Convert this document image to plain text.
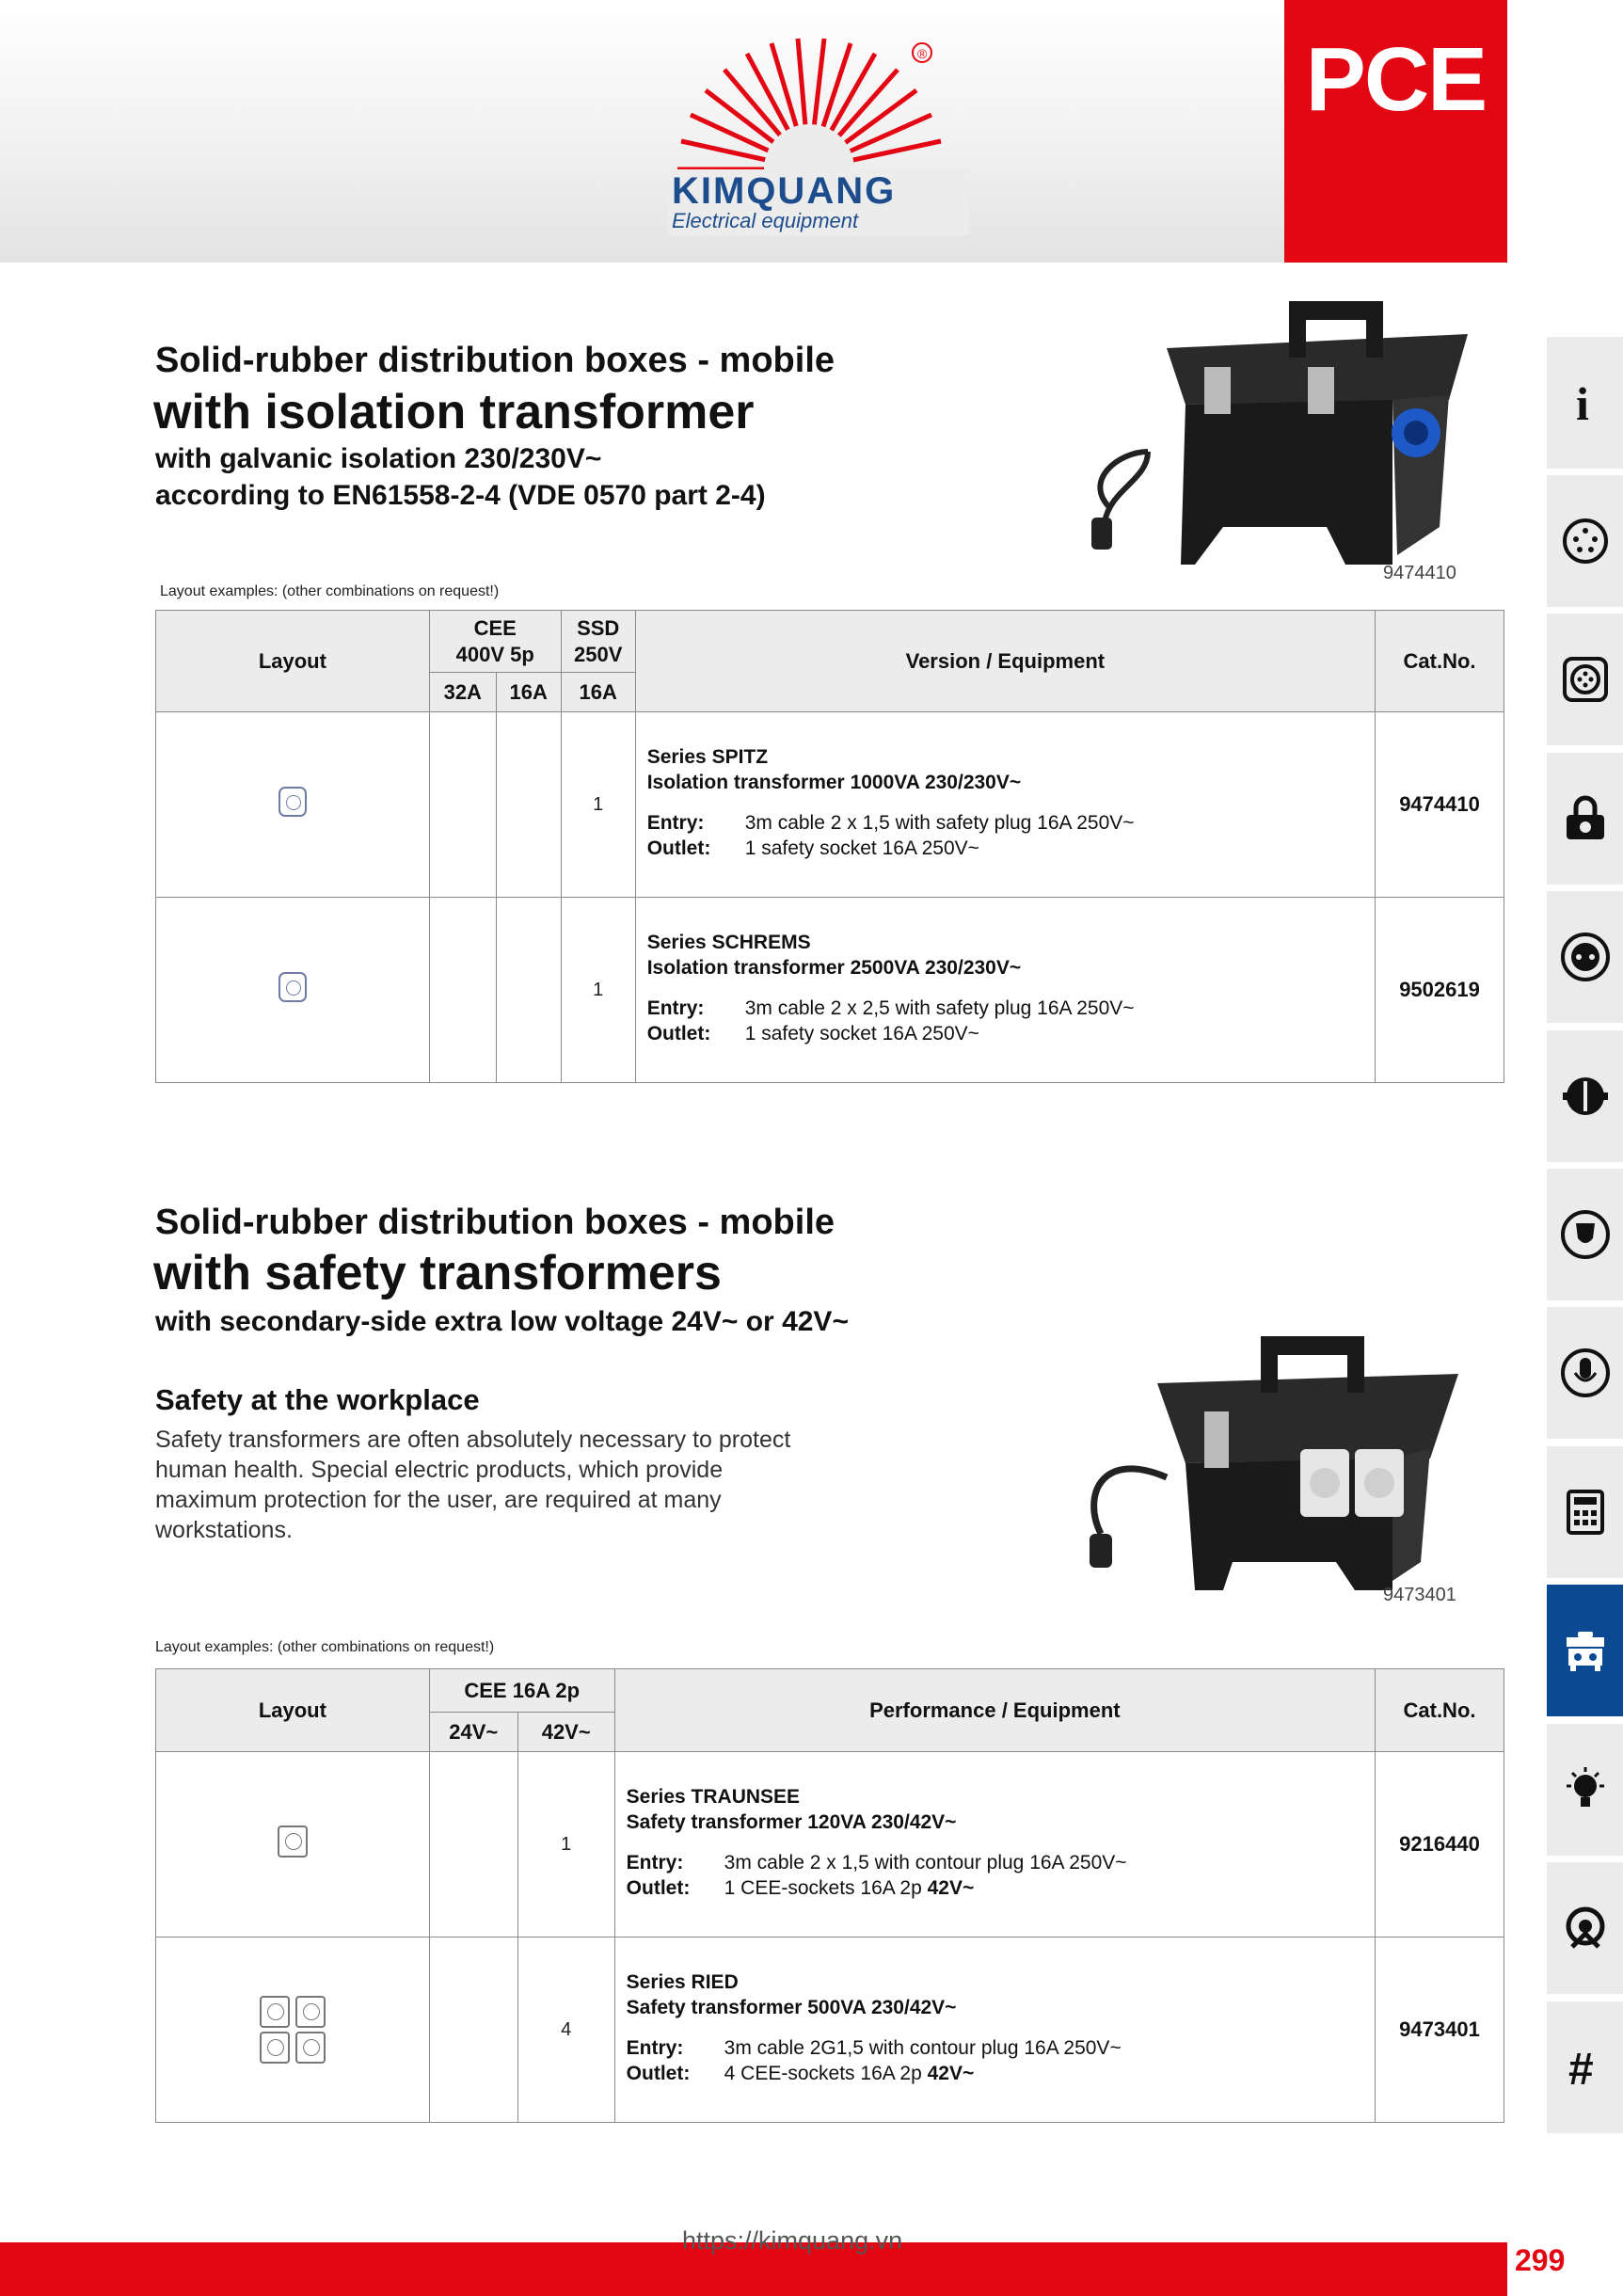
®
KIMQUANG
Electrical equipment
PCE
Solid-rubber distribution boxes - mobile
with isolation transformer
with galvanic isolation 230/230V~
according to EN61558-2-4 (VDE 0570 part 2-4)
9474410
Layout examples: (other combinations on request!)
Layout	CEE
400V 5p		SSD
250V	Version / Equipment	Cat.No.
	32A	16A	16A		
			1	Series SPITZ
Isolation transformer 1000VA 230/230V~
Entry: 3m cable 2 x 1,5 with safety plug 16A 250V~
Outlet: 1 safety socket 16A 250V~	9474410
			1	Series SCHREMS
Isolation transformer 2500VA 230/230V~
Entry: 3m cable 2 x 2,5 with safety plug 16A 250V~
Outlet: 1 safety socket 16A 250V~	9502619
Solid-rubber distribution boxes - mobile
with safety transformers
with secondary-side extra low voltage 24V~ or 42V~
Safety at the workplace
Safety transformers are often absolutely necessary to protect
human health. Special electric products, which provide
maximum protection for the user, are required at many
workstations.
9473401
Layout examples: (other combinations on request!)
Layout	CEE 16A 2p		Performance / Equipment	Cat.No.
	24V~	42V~		
		1	Series TRAUNSEE
Safety transformer 120VA 230/42V~
Entry: 3m cable 2 x 1,5 with contour plug 16A 250V~
Outlet: 1 CEE-sockets 16A 2p 42V~	9216440

		4	Series RIED
Safety transformer 500VA 230/42V~
Entry: 3m cable 2G1,5 with contour plug 16A 250V~
Outlet: 4 CEE-sockets 16A 2p 42V~	9473401
i
#
https://kimquang.vn
299
